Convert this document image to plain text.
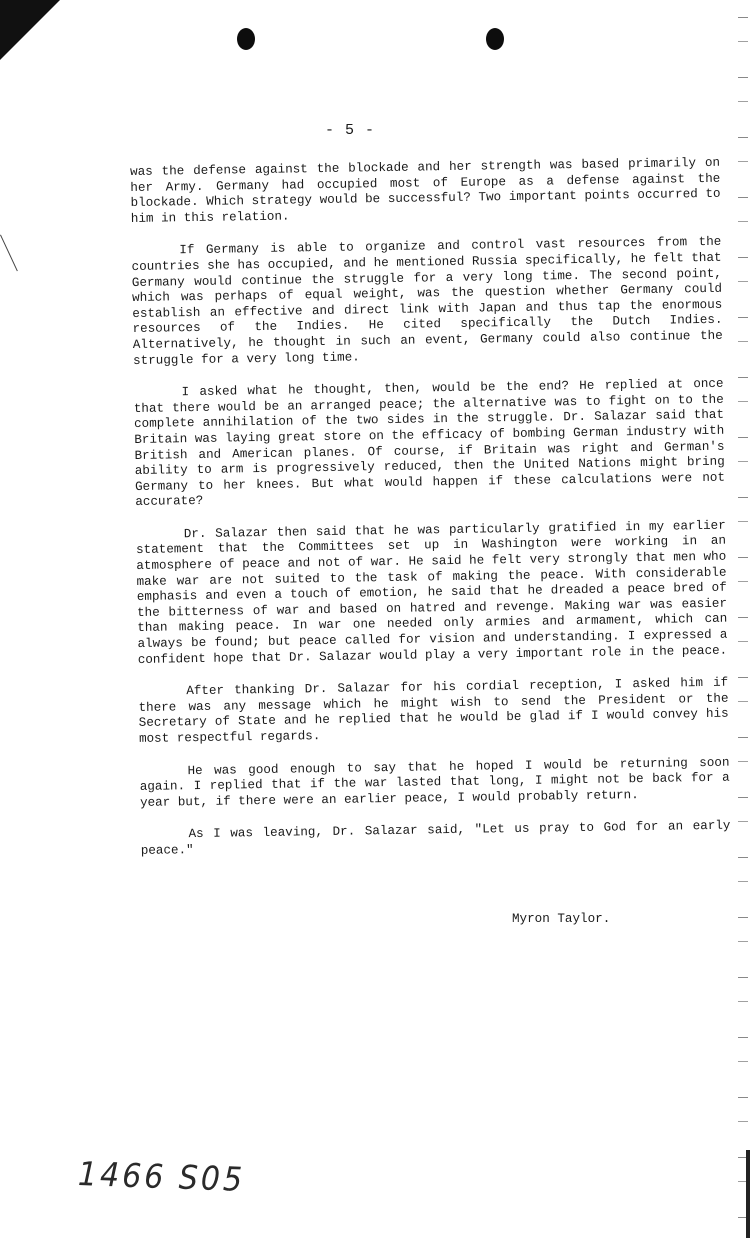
- 5 -

was the defense against the blockade and her strength was based primarily on her Army. Germany had occupied most of Europe as a defense against the blockade. Which strategy would be successful? Two important points occurred to him in this relation.

If Germany is able to organize and control vast resources from the countries she has occupied, and he mentioned Russia specifically, he felt that Germany would continue the struggle for a very long time. The second point, which was perhaps of equal weight, was the question whether Germany could establish an effective and direct link with Japan and thus tap the enormous resources of the Indies. He cited specifically the Dutch Indies. Alternatively, he thought in such an event, Germany could also continue the struggle for a very long time.

I asked what he thought, then, would be the end? He replied at once that there would be an arranged peace; the alternative was to fight on to the complete annihilation of the two sides in the struggle. Dr. Salazar said that Britain was laying great store on the efficacy of bombing German industry with British and American planes. Of course, if Britain was right and German's ability to arm is progressively reduced, then the United Nations might bring Germany to her knees. But what would happen if these calculations were not accurate?

Dr. Salazar then said that he was particularly gratified in my earlier statement that the Committees set up in Washington were working in an atmosphere of peace and not of war. He said he felt very strongly that men who make war are not suited to the task of making the peace. With considerable emphasis and even a touch of emotion, he said that he dreaded a peace bred of the bitterness of war and based on hatred and revenge. Making war was easier than making peace. In war one needed only armies and armament, which can always be found; but peace called for vision and understanding. I expressed a confident hope that Dr. Salazar would play a very important role in the peace.

After thanking Dr. Salazar for his cordial reception, I asked him if there was any message which he might wish to send the President or the Secretary of State and he replied that he would be glad if I would convey his most respectful regards.

He was good enough to say that he hoped I would be returning soon again. I replied that if the war lasted that long, I might not be back for a year but, if there were an earlier peace, I would probably return.

As I was leaving, Dr. Salazar said, "Let us pray to God for an early peace."

Myron Taylor.
1466 S05
